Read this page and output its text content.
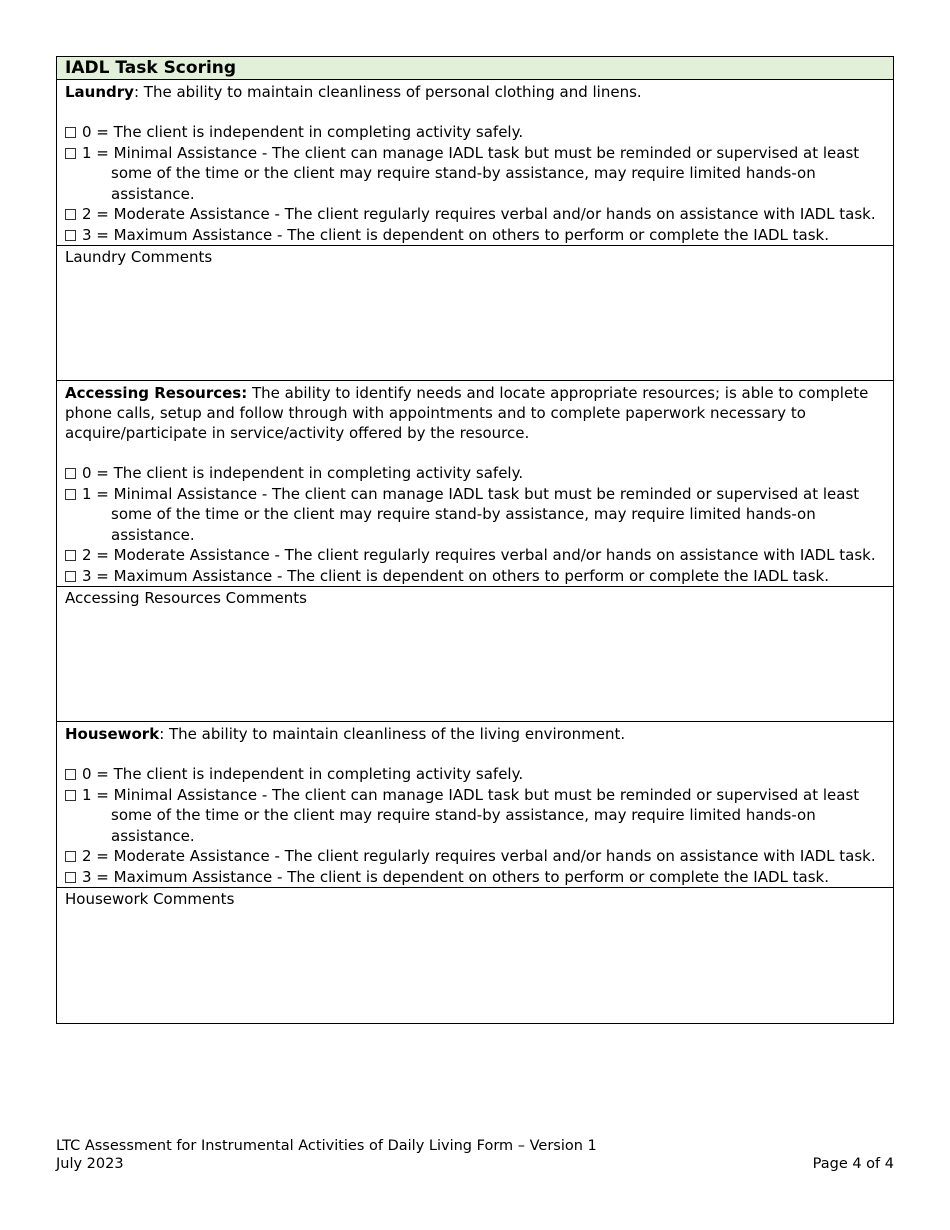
IADL Task Scoring

Laundry: The ability to maintain cleanliness of personal clothing and linens.

0 = The client is independent in completing activity safely.

1 = Minimal Assistance - The client can manage IADL task but must be reminded or supervised at least some of the time or the client may require stand-by assistance, may require limited hands-on assistance.

2 = Moderate Assistance - The client regularly requires verbal and/or hands on assistance with IADL task.

3 = Maximum Assistance - The client is dependent on others to perform or complete the IADL task.

Laundry Comments

Accessing Resources: The ability to identify needs and locate appropriate resources; is able to complete phone calls, setup and follow through with appointments and to complete paperwork necessary to acquire/participate in service/activity offered by the resource.

0 = The client is independent in completing activity safely.

1 = Minimal Assistance - The client can manage IADL task but must be reminded or supervised at least some of the time or the client may require stand-by assistance, may require limited hands-on assistance.

2 = Moderate Assistance - The client regularly requires verbal and/or hands on assistance with IADL task.

3 = Maximum Assistance - The client is dependent on others to perform or complete the IADL task.

Accessing Resources Comments

Housework: The ability to maintain cleanliness of the living environment.

0 = The client is independent in completing activity safely.

1 = Minimal Assistance - The client can manage IADL task but must be reminded or supervised at least some of the time or the client may require stand-by assistance, may require limited hands-on assistance.

2 = Moderate Assistance - The client regularly requires verbal and/or hands on assistance with IADL task.

3 = Maximum Assistance - The client is dependent on others to perform or complete the IADL task.

Housework Comments
LTC Assessment for Instrumental Activities of Daily Living Form – Version 1
July 2023	Page 4 of 4
